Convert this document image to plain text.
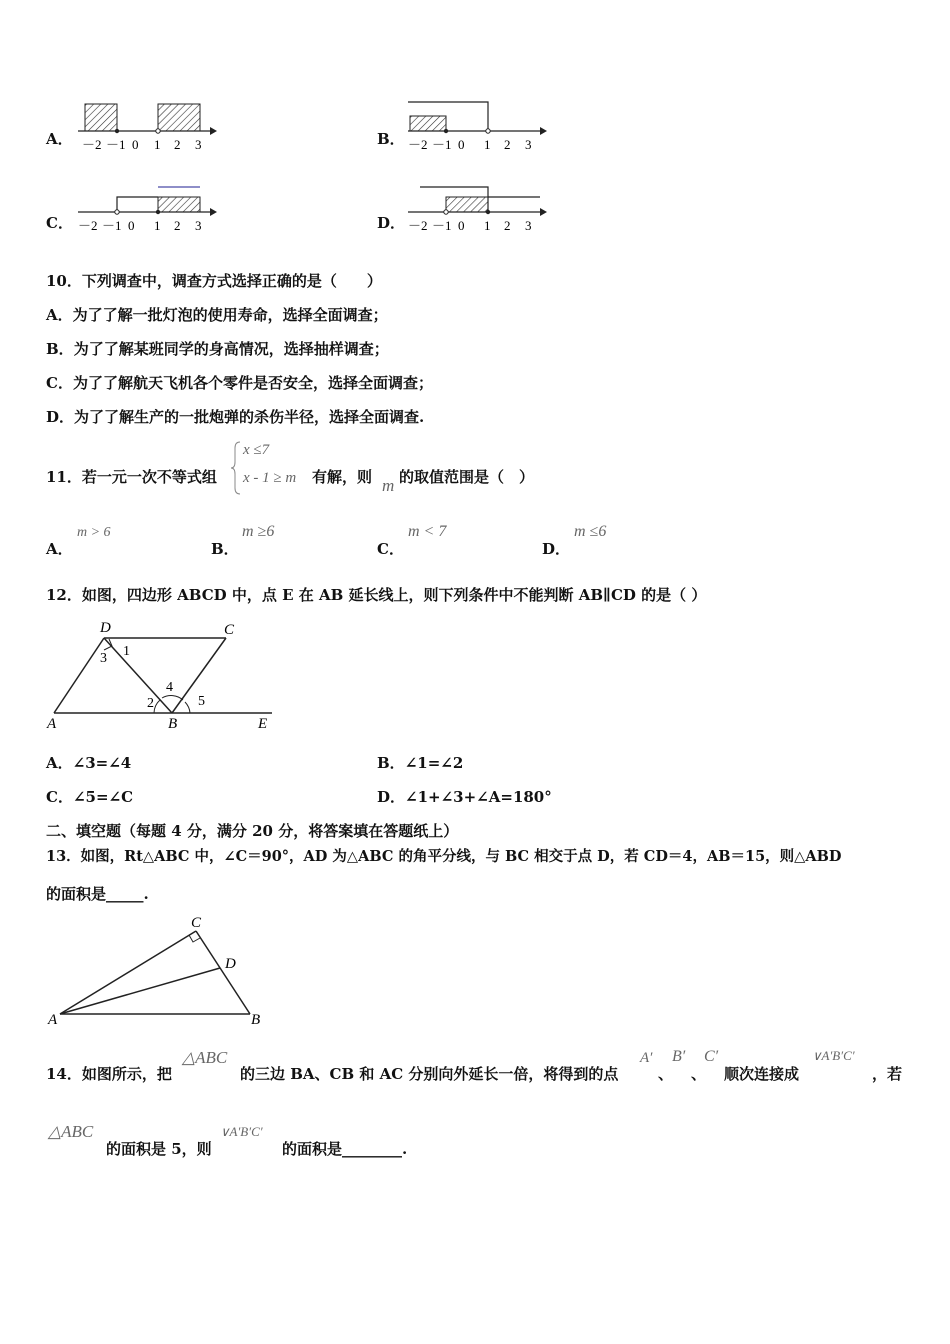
A．	B．
C．	D．
－2 －1 0 1 2 3	－2 －1 0 1 2 3
－2 －1 0 1 2 3	－2 －1 0 1 2 3
10．下列调查中，调查方式选择正确的是（　　）
A．为了了解一批灯泡的使用寿命，选择全面调查；
B．为了了解某班同学的身高情况，选择抽样调查；
C．为了了解航天飞机各个零件是否安全，选择全面调查；
D．为了了解生产的一批炮弹的杀伤半径，选择全面调查.
11．若一元一次不等式组
x ≤7
x - 1 ≥ m 有解，则 m 的取值范围是（　）
A．
m > 6
B．
m ≥6
C．
m < 7
D．
m ≤6
12．如图，四边形 ABCD 中，点 E 在 AB 延长线上，则下列条件中不能判断 AB∥CD 的是（ ）
A	B
C
D
E
1
2
3
4
5
A．∠3=∠4	B．∠1=∠2
C．∠5=∠C	D．∠1+∠3+∠A=180°
二、填空题（每题 4 分，满分 20 分，将答案填在答题纸上）
13．如图，Rt△ABC 中，∠C＝90°，AD 为△ABC 的角平分线，与 BC 相交于点 D，若 CD＝4，AB＝15，则△ABD
的面积是_____.
A	B
C
D
14．如图所示，把
△ABC
的三边 BA、CB 和 AC 分别向外延长一倍，将得到的点
A′
、
B′
、
C′
顺次连接成
∨A′B′C′
，若
△ABC
的面积是 5，则
∨A′B′C′
的面积是________.
